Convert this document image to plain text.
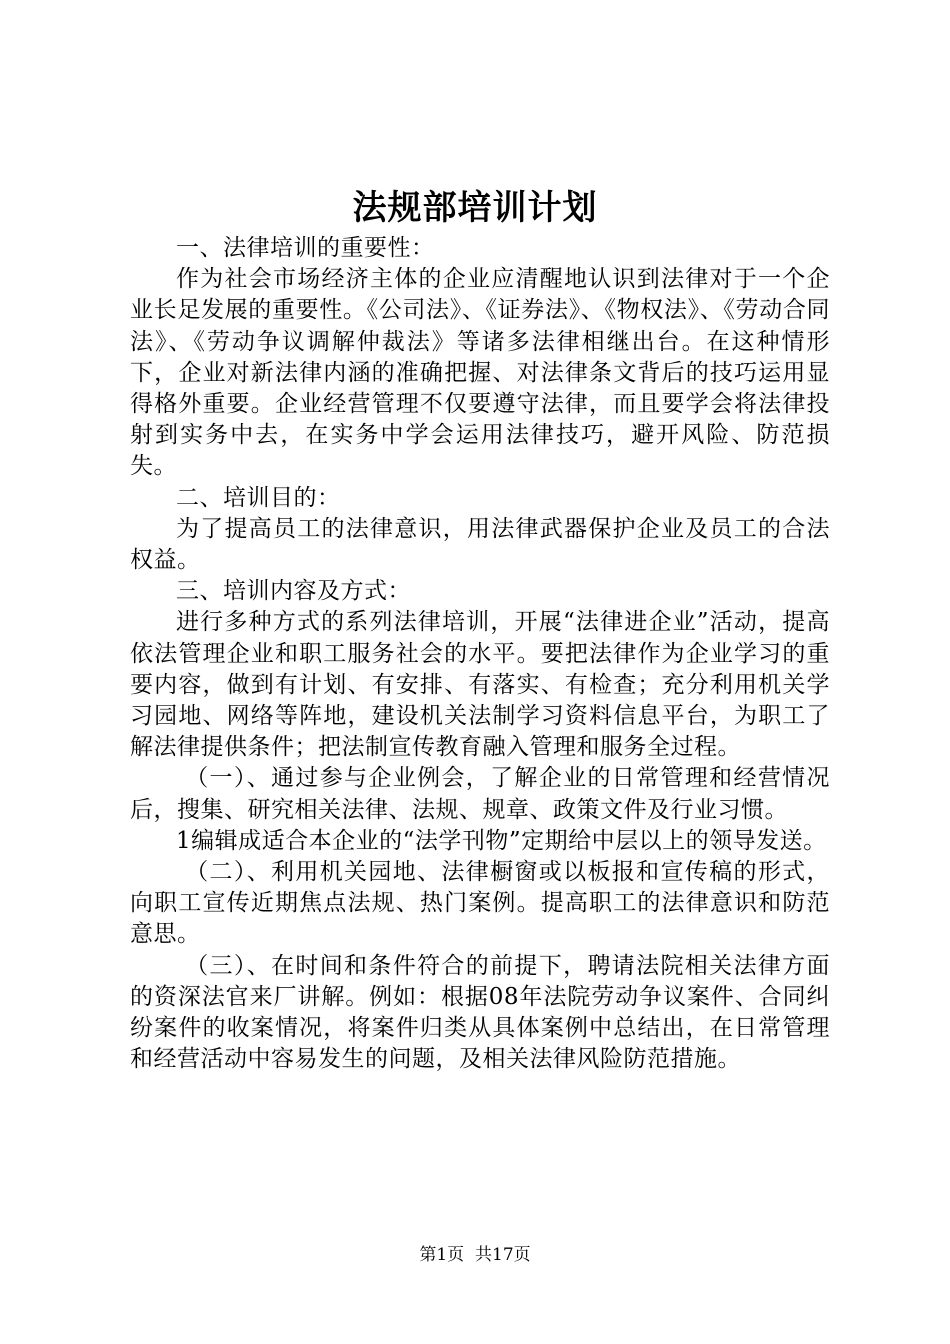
法规部培训计划

一、法律培训的重要性：

作为社会市场经济主体的企业应清醒地认识到法律对于一个企业长足发展的重要性。《公司法》、《证券法》、《物权法》、《劳动合同法》、《劳动争议调解仲裁法》等诸多法律相继出台。在这种情形下，企业对新法律内涵的准确把握、对法律条文背后的技巧运用显得格外重要。企业经营管理不仅要遵守法律，而且要学会将法律投射到实务中去，在实务中学会运用法律技巧，避开风险、防范损失。

二、培训目的：

为了提高员工的法律意识，用法律武器保护企业及员工的合法权益。

三、培训内容及方式：

进行多种方式的系列法律培训，开展“法律进企业”活动，提高依法管理企业和职工服务社会的水平。要把法律作为企业学习的重要内容，做到有计划、有安排、有落实、有检查；充分利用机关学习园地、网络等阵地，建设机关法制学习资料信息平台，为职工了解法律提供条件；把法制宣传教育融入管理和服务全过程。

（一）、通过参与企业例会，了解企业的日常管理和经营情况后，搜集、研究相关法律、法规、规章、政策文件及行业习惯。

1编辑成适合本企业的“法学刊物”定期给中层以上的领导发送。

（二）、利用机关园地、法律橱窗或以板报和宣传稿的形式，向职工宣传近期焦点法规、热门案例。提高职工的法律意识和防范意思。

（三）、在时间和条件符合的前提下，聘请法院相关法律方面的资深法官来厂讲解。例如：根据08年法院劳动争议案件、合同纠纷案件的收案情况，将案件归类从具体案例中总结出，在日常管理和经营活动中容易发生的问题，及相关法律风险防范措施。

第1页 共17页
